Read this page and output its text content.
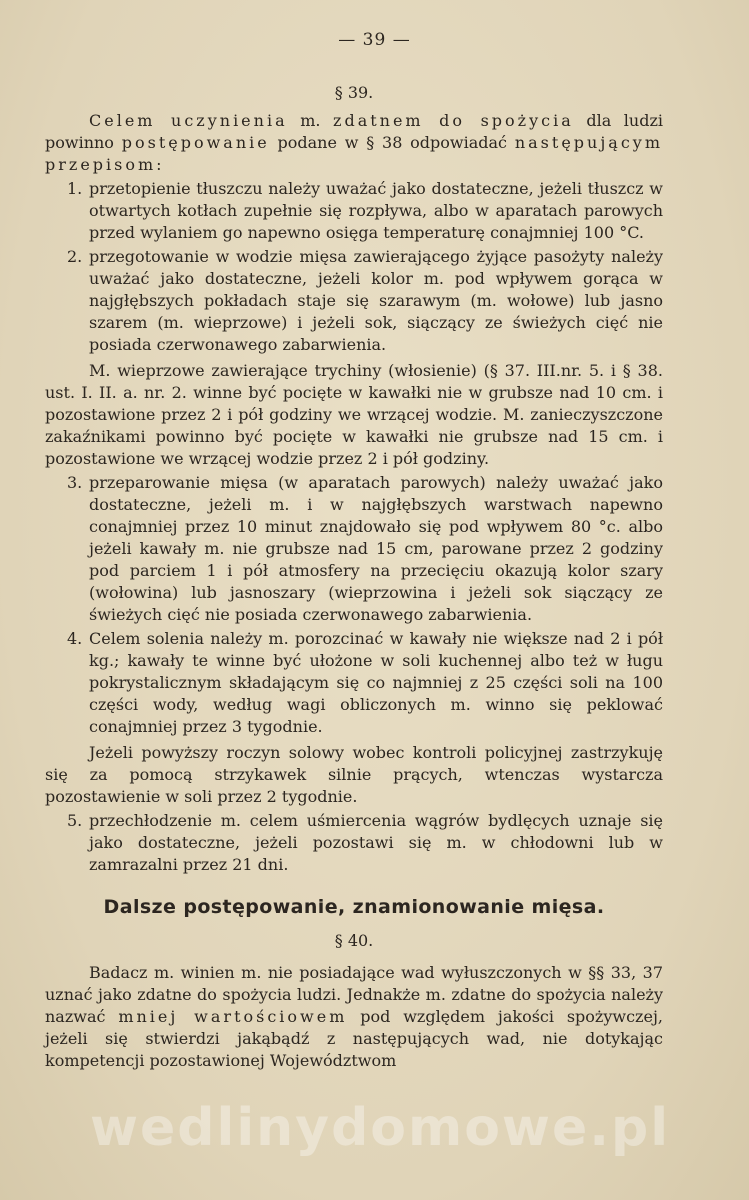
— 39 —
§ 39.

Celem uczynienia m. zdatnem do spożycia dla ludzi powinno postępowanie podane w § 38 odpowiadać następującym przepisom:

1. przetopienie tłuszczu należy uważać jako dostateczne, jeżeli tłuszcz w otwartych kotłach zupełnie się rozpływa, albo w aparatach parowych przed wylaniem go napewno osięga temperaturę conajmniej 100 °C.
2. przegotowanie w wodzie mięsa zawierającego żyjące pasożyty należy uważać jako dostateczne, jeżeli kolor m. pod wpływem gorąca w najgłębszych pokładach staje się szarawym (m. wołowe) lub jasno szarem (m. wieprzowe) i jeżeli sok, siączący ze świeżych cięć nie posiada czerwonawego zabarwienia.

M. wieprzowe zawierające trychiny (włosienie) (§ 37. III.nr. 5. i § 38. ust. I. II. a. nr. 2. winne być pocięte w kawałki nie w grubsze nad 10 cm. i pozostawione przez 2 i pół godziny we wrzącej wodzie. M. zanieczyszczone zakaźnikami powinno być pocięte w kawałki nie grubsze nad 15 cm. i pozostawione we wrzącej wodzie przez 2 i pół godziny.

3. przeparowanie mięsa (w aparatach parowych) należy uważać jako dostateczne, jeżeli m. i w najgłębszych warstwach napewno conajmniej przez 10 minut znajdowało się pod wpływem 80 °c. albo jeżeli kawały m. nie grubsze nad 15 cm, parowane przez 2 godziny pod parciem 1 i pół atmosfery na przecięciu okazują kolor szary (wołowina) lub jasnoszary (wieprzowina i jeżeli sok siączący ze świeżych cięć nie posiada czerwonawego zabarwienia.
4. Celem solenia należy m. porozcinać w kawały nie większe nad 2 i pół kg.; kawały te winne być ułożone w soli kuchennej albo też w ługu pokrystalicznym składającym się co najmniej z 25 części soli na 100 części wody, według wagi obliczonych m. winno się peklować conajmniej przez 3 tygodnie.

Jeżeli powyższy roczyn solowy wobec kontroli policyjnej zastrzykuję się za pomocą strzykawek silnie prących, wtenczas wystarcza pozostawienie w soli przez 2 tygodnie.

5. przechłodzenie m. celem uśmiercenia wągrów bydlęcych uznaje się jako dostateczne, jeżeli pozostawi się m. w chłodowni lub w zamrazalni przez 21 dni.
Dalsze postępowanie, znamionowanie mięsa.
§ 40.

Badacz m. winien m. nie posiadające wad wyłuszczonych w §§ 33, 37 uznać jako zdatne do spożycia ludzi. Jednakże m. zdatne do spożycia należy nazwać mniej wartościowem pod względem jakości spożywczej, jeżeli się stwierdzi jakąbądź z następujących wad, nie dotykając kompetencji pozostawionej Województwom

wedlinydomowe.pl
